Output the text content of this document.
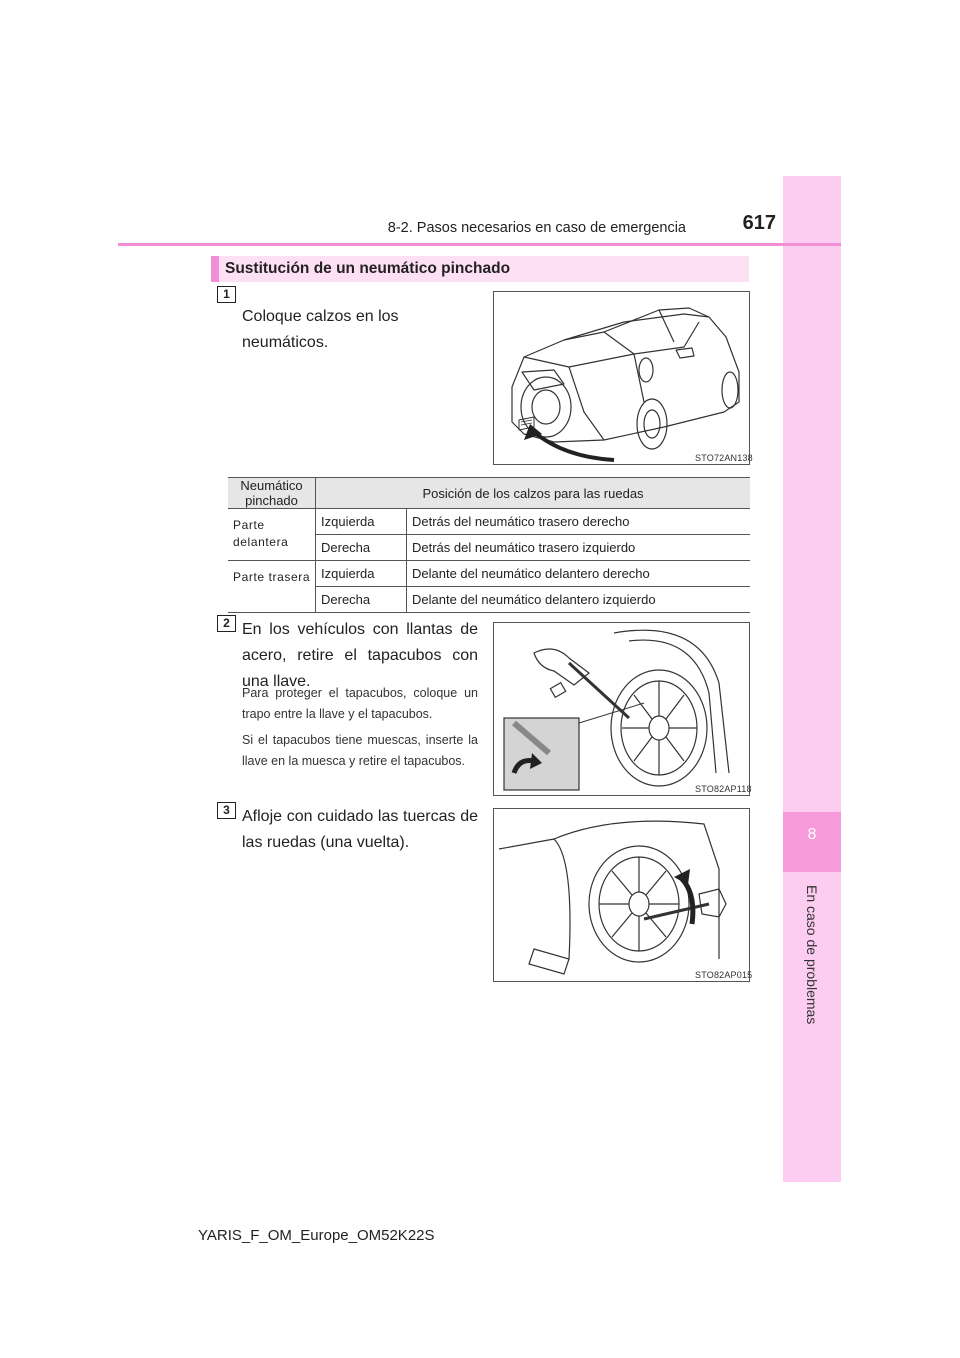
8
En caso de problemas
8-2. Pasos necesarios en caso de emergencia	617
Sustitución de un neumático pinchado
1
Coloque calzos en los neumáticos.
STO72AN138
Neumático pinchado	Posición de los calzos para las ruedas	
Parte delantera	Izquierda	Detrás del neumático trasero derecho
	Derecha	Detrás del neumático trasero izquierdo
Parte trasera	Izquierda	Delante del neumático delantero derecho
	Derecha	Delante del neumático delantero izquierdo
2 En los vehículos con llantas de acero, retire el tapacubos con una llave.
Para proteger el tapacubos, coloque un trapo entre la llave y el tapacubos.
Si el tapacubos tiene muescas, inserte la llave en la muesca y retire el tapacubos.
STO82AP118
3 Afloje con cuidado las tuercas de las ruedas (una vuelta).
STO82AP015
YARIS_F_OM_Europe_OM52K22S
